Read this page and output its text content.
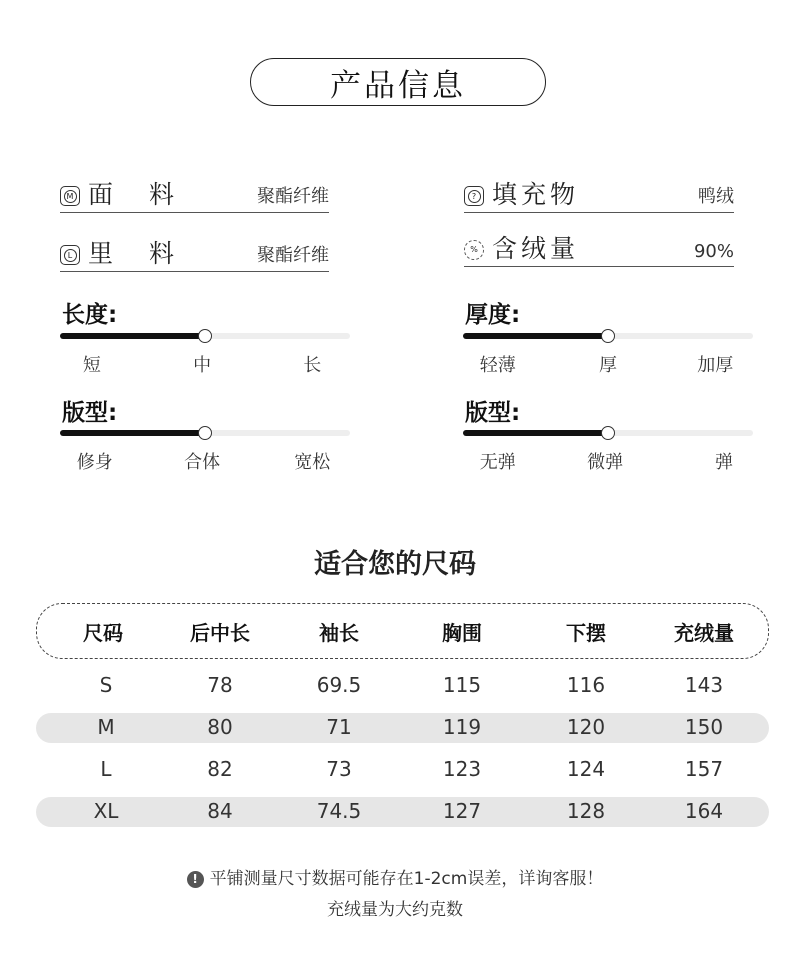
产品信息
M 面 料	聚酯纤维
L 里 料	聚酯纤维
? 填充物	鸭绒
% 含绒量	90%
长度:
短	中	长
厚度:
轻薄	厚	加厚
版型:
修身	合体	宽松
版型:
无弹	微弹	弹
适合您的尺码
尺码	后中长	袖长	胸围	下摆	充绒量
S	78	69.5	115	116	143
M	80	71	119	120	150
L	82	73	123	124	157
XL	84	74.5	127	128	164
! 平铺测量尺寸数据可能存在1-2cm误差，详询客服！
充绒量为大约克数
